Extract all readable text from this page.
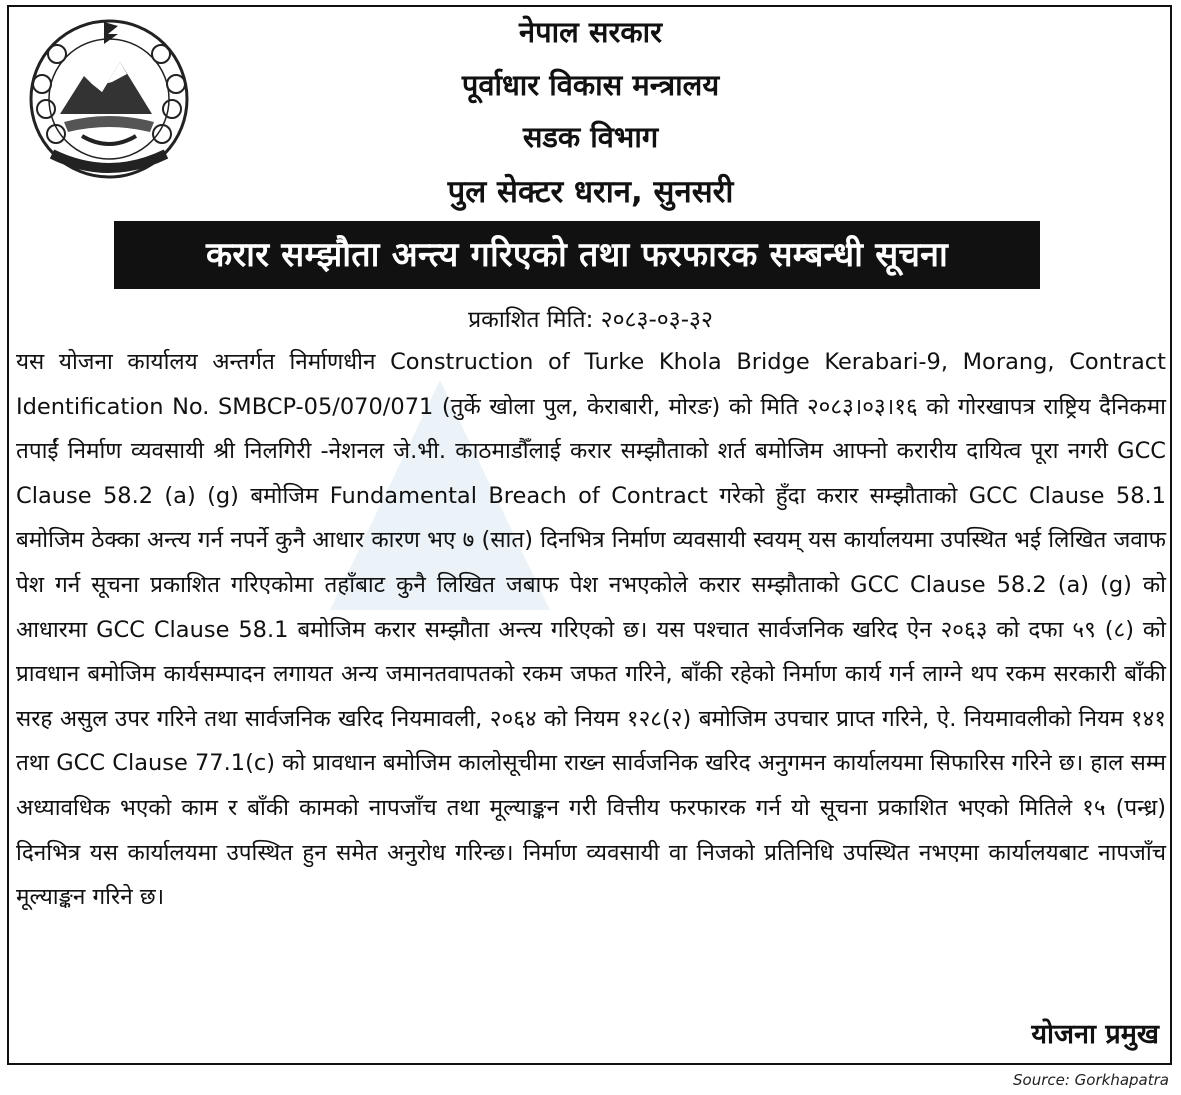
नेपाल सरकार
पूर्वाधार विकास मन्त्रालय
सडक विभाग
पुल सेक्टर धरान, सुनसरी
करार सम्झौता अन्त्य गरिएको तथा फरफारक सम्बन्धी सूचना
प्रकाशित मिति: २०८३-०३-३२
यस योजना कार्यालय अन्तर्गत निर्माणधीन Construction of Turke Khola Bridge Kerabari-9, Morang, Contract Identification No. SMBCP-05/070/071 (तुर्के खोला पुल, केराबारी, मोरङ) को मिति २०८३।०३।१६ को गोरखापत्र राष्ट्रिय दैनिकमा तपाईं निर्माण व्यवसायी श्री निलगिरी -नेशनल जे.भी. काठमाडौँलाई करार सम्झौताको शर्त बमोजिम आफ्नो करारीय दायित्व पूरा नगरी GCC Clause 58.2 (a) (g) बमोजिम Fundamental Breach of Contract गरेको हुँदा करार सम्झौताको GCC Clause 58.1 बमोजिम ठेक्का अन्त्य गर्न नपर्ने कुनै आधार कारण भए ७ (सात) दिनभित्र निर्माण व्यवसायी स्वयम् यस कार्यालयमा उपस्थित भई लिखित जवाफ पेश गर्न सूचना प्रकाशित गरिएकोमा तहाँबाट कुनै लिखित जबाफ पेश नभएकोले करार सम्झौताको GCC Clause 58.2 (a) (g) को आधारमा GCC Clause 58.1 बमोजिम करार सम्झौता अन्त्य गरिएको छ। यस पश्चात सार्वजनिक खरिद ऐन २०६३ को दफा ५९ (८) को प्रावधान बमोजिम कार्यसम्पादन लगायत अन्य जमानतवापतको रकम जफत गरिने, बाँकी रहेको निर्माण कार्य गर्न लाग्ने थप रकम सरकारी बाँकी सरह असुल उपर गरिने तथा सार्वजनिक खरिद नियमावली, २०६४ को नियम १२८(२) बमोजिम उपचार प्राप्त गरिने, ऐ. नियमावलीको नियम १४१ तथा GCC Clause 77.1(c) को प्रावधान बमोजिम कालोसूचीमा राख्न सार्वजनिक खरिद अनुगमन कार्यालयमा सिफारिस गरिने छ। हाल सम्म अध्यावधिक भएको काम र बाँकी कामको नापजाँच तथा मूल्याङ्कन गरी वित्तीय फरफारक गर्न यो सूचना प्रकाशित भएको मितिले १५ (पन्ध्र) दिनभित्र यस कार्यालयमा उपस्थित हुन समेत अनुरोध गरिन्छ। निर्माण व्यवसायी वा निजको प्रतिनिधि उपस्थित नभएमा कार्यालयबाट नापजाँच मूल्याङ्कन गरिने छ।
योजना प्रमुख
Source: Gorkhapatra
